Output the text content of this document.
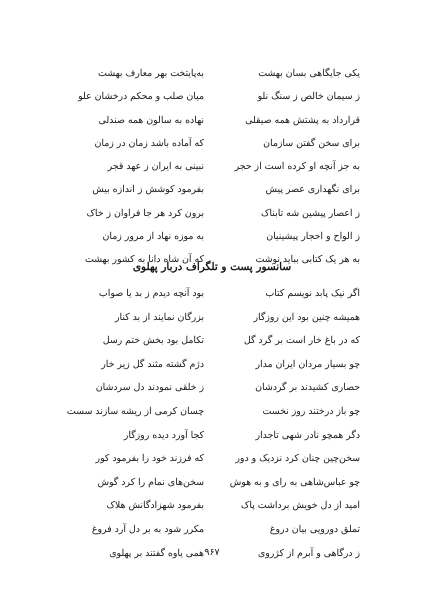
یکی جایگاهی بسان بهشت
به‌پایتخت بهر معارف بهشت
ز سیمان خالص ز سنگ نلو
میان صلب و محکم درخشان علو
قرارداد به پشتش همه صیقلی
نهاده به سالون همه صندلی
برای سخن گفتن سازمان
که آماده باشد زمان در زمان
به جز آنچه او کرده است از حجر
نبینی به ایران ز عهد قجر
برای نگهداری عصر پیش
بفرمود کوشش ز اندازه بیش
ز اعصار پیشین شه تابناک
برون کرد هر جا فراوان ز خاک
ز الواح و احجار پیشینیان
به موزه نهاد از مرور زمان
به هر یک کتابی بباید نوشت
که آن شاه دانا به کشور بهشت
سانسور پست و تلگراف دربار پهلوی
اگر نیک پابد نویسم کتاب
بود آنچه دیدم ز بد یا صواب
همیشه چنین بود این روزگار
بزرگان نمایند از بد کنار
که در باغ خار است بر گرد گل
تکامل بود بخش ختم رسل
چو بسیار مردان ایران مدار
دژم گشته مثند گل زیر خار
حصاری کشیدند بر گردشان
ز خلقی نمودند دل سردشان
چو باز درختند روز نخست
چسان کرمی از ریشه سازند سست
دگر همچو نادر شهی تاجدار
کجا آورد دیده روزگار
سخن‌چین چنان کرد نزدیک و دور
که فرزند خود را بفرمود کور
چو عباس‌شاهی به رای و به هوش
سخن‌های نمام را کرد گوش
امید از دل خویش برداشت پاک
بفرمود شهزادگانش هلاک
تملق دورویی بیان دروغ
مکرر شود به بر دل آرد فروغ
ز درگاهی و آبرم از کژروی
همی یاوه گفتند بر پهلوی ۹۶۷
